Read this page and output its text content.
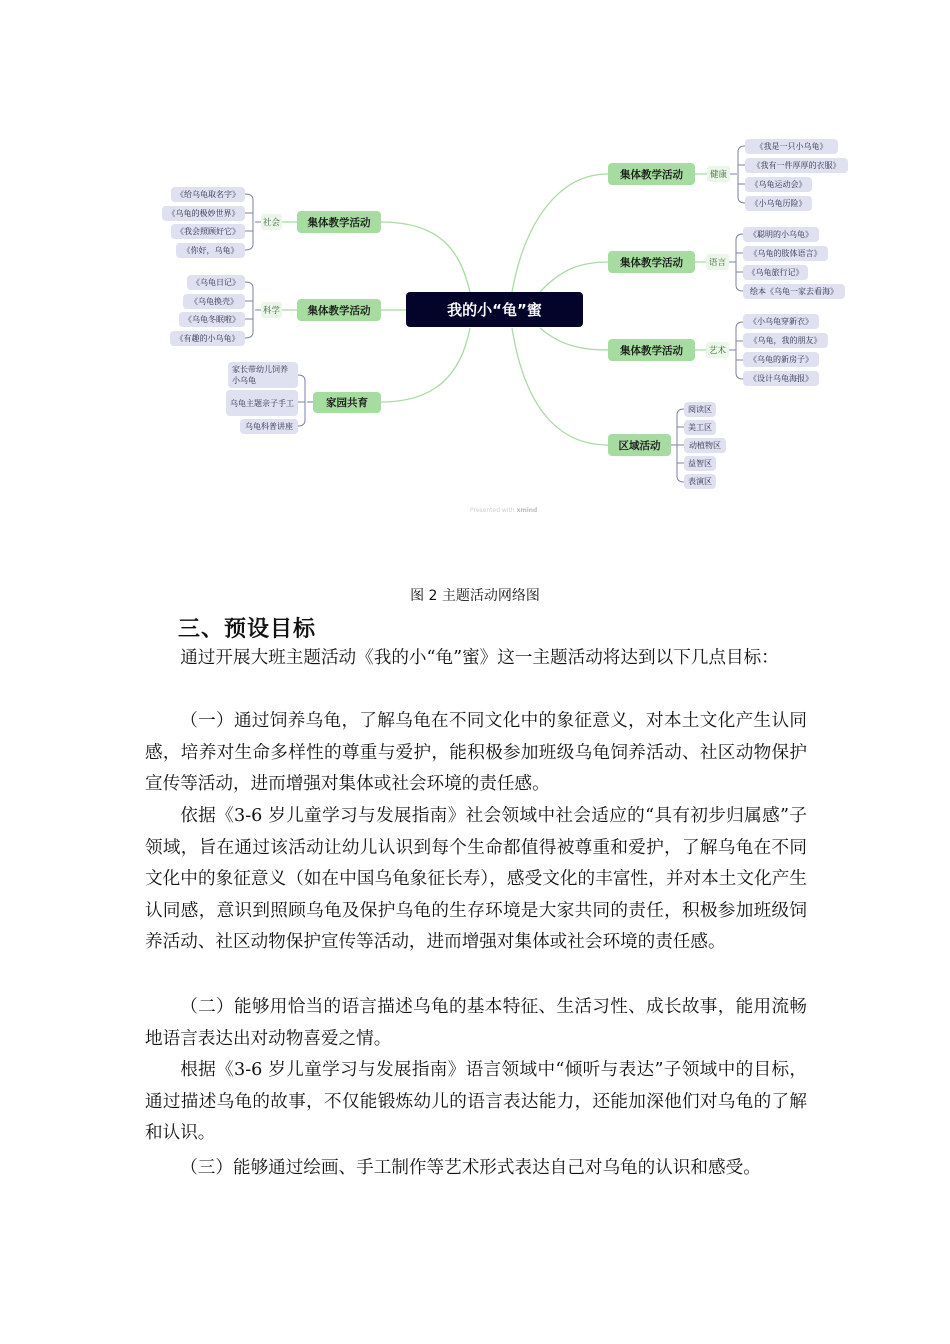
我的小“龟”蜜
集体教学活动
社会
《给乌龟取名字》
《乌龟的极妙世界》
《我会照顾好它》
《你好，乌龟》
集体教学活动
科学
《乌龟日记》
《乌龟换壳》
《乌龟冬眠啦》
《有趣的小乌龟》
家园共育
家长带幼儿饲养小乌龟
乌龟主题亲子手工
乌龟科普讲座
集体教学活动	健康
《我是一只小乌龟》
《我有一件厚厚的衣服》
《乌龟运动会》
《小乌龟历险》
集体教学活动	语言
《聪明的小乌龟》
《乌龟的肢体语言》
《乌龟旅行记》
绘本《乌龟一家去看海》
集体教学活动	艺术
《小乌龟穿新衣》
《乌龟，我的朋友》
《乌龟的新房子》
《设计乌龟海报》
区域活动
阅读区
美工区
动植物区
益智区
表演区
Presented with xmind
图 2 主题活动网络图
三、预设目标

通过开展大班主题活动《我的小“龟”蜜》这一主题活动将达到以下几点目标：

（一）通过饲养乌龟，了解乌龟在不同文化中的象征意义，对本土文化产生认同感，培养对生命多样性的尊重与爱护，能积极参加班级乌龟饲养活动、社区动物保护宣传等活动，进而增强对集体或社会环境的责任感。

依据《3-6 岁儿童学习与发展指南》社会领域中社会适应的“具有初步归属感”子领域，旨在通过该活动让幼儿认识到每个生命都值得被尊重和爱护，了解乌龟在不同文化中的象征意义（如在中国乌龟象征长寿），感受文化的丰富性，并对本土文化产生认同感，意识到照顾乌龟及保护乌龟的生存环境是大家共同的责任，积极参加班级饲养活动、社区动物保护宣传等活动，进而增强对集体或社会环境的责任感。

（二）能够用恰当的语言描述乌龟的基本特征、生活习性、成长故事，能用流畅地语言表达出对动物喜爱之情。

根据《3-6 岁儿童学习与发展指南》语言领域中“倾听与表达”子领域中的目标，通过描述乌龟的故事，不仅能锻炼幼儿的语言表达能力，还能加深他们对乌龟的了解和认识。

（三）能够通过绘画、手工制作等艺术形式表达自己对乌龟的认识和感受。
